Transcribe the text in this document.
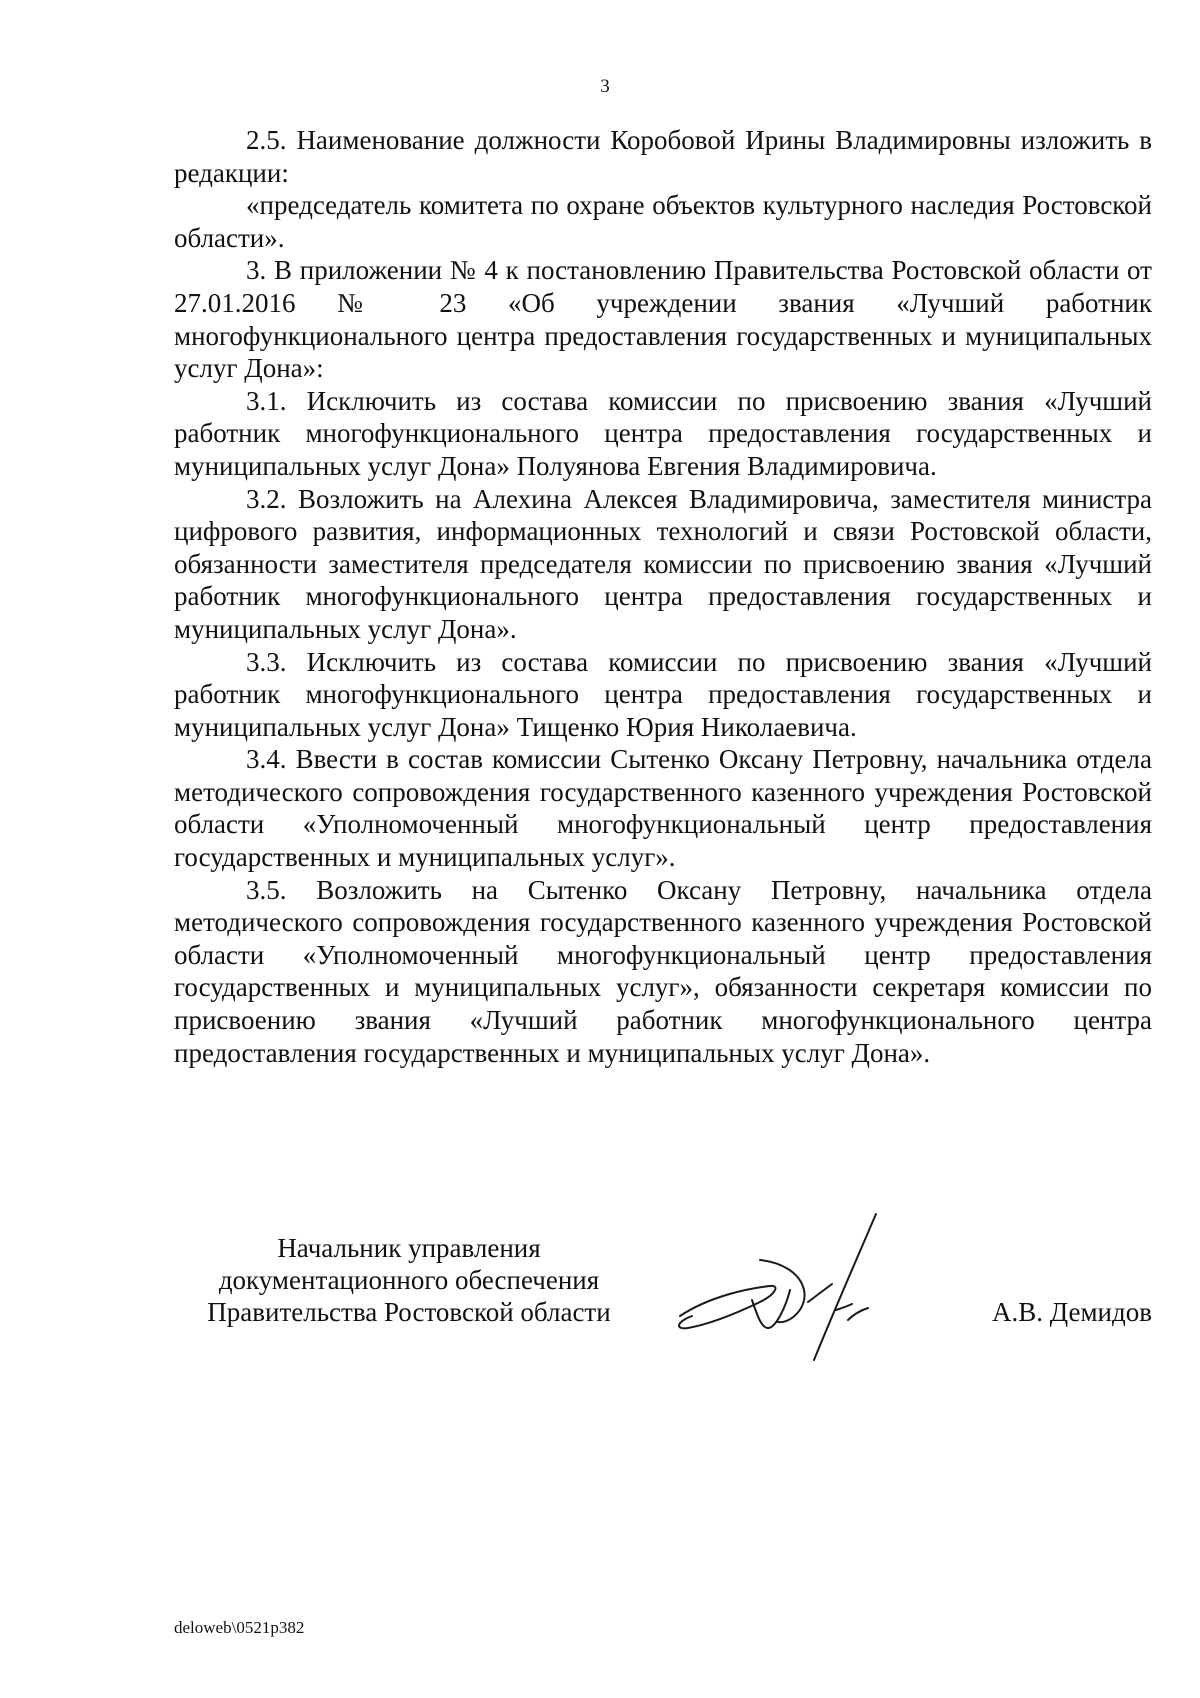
3

2.5. Наименование должности Коробовой Ирины Владимировны изложить в редакции:

«председатель комитета по охране объектов культурного наследия Ростовской области».

3. В приложении № 4 к постановлению Правительства Ростовской области от 27.01.2016 № 23 «Об учреждении звания «Лучший работник многофункционального центра предоставления государственных и муниципальных услуг Дона»:

3.1. Исключить из состава комиссии по присвоению звания «Лучший работник многофункционального центра предоставления государственных и муниципальных услуг Дона» Полуянова Евгения Владимировича.

3.2. Возложить на Алехина Алексея Владимировича, заместителя министра цифрового развития, информационных технологий и связи Ростовской области, обязанности заместителя председателя комиссии по присвоению звания «Лучший работник многофункционального центра предоставления государственных и муниципальных услуг Дона».

3.3. Исключить из состава комиссии по присвоению звания «Лучший работник многофункционального центра предоставления государственных и муниципальных услуг Дона» Тищенко Юрия Николаевича.

3.4. Ввести в состав комиссии Сытенко Оксану Петровну, начальника отдела методического сопровождения государственного казенного учреждения Ростовской области «Уполномоченный многофункциональный центр предоставления государственных и муниципальных услуг».

3.5. Возложить на Сытенко Оксану Петровну, начальника отдела методического сопровождения государственного казенного учреждения Ростовской области «Уполномоченный многофункциональный центр предоставления государственных и муниципальных услуг», обязанности секретаря комиссии по присвоению звания «Лучший работник многофункционального центра предоставления государственных и муниципальных услуг Дона».

Начальник управления
документационного обеспечения
Правительства Ростовской области	А.В. Демидов
deloweb\0521p382
